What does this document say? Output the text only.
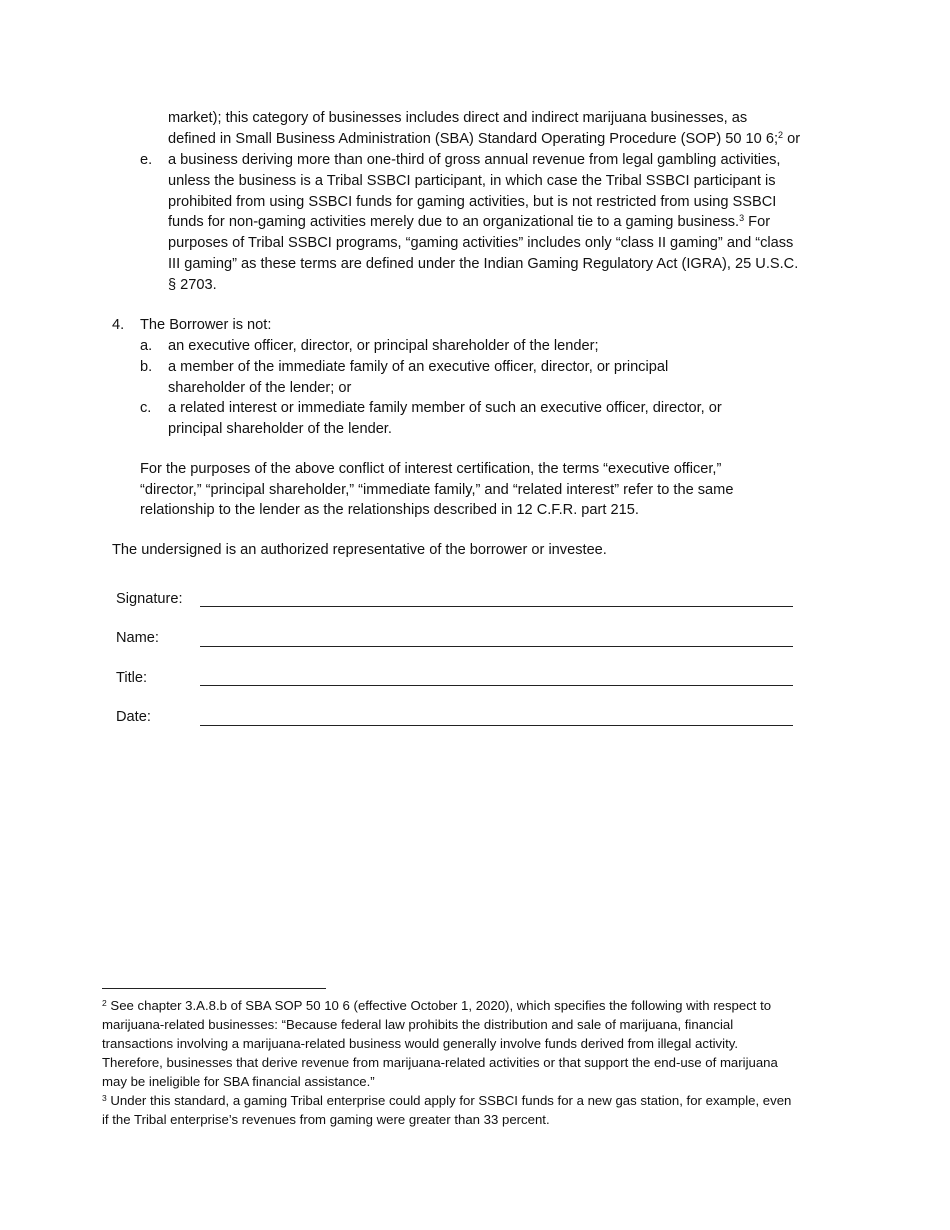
market); this category of businesses includes direct and indirect marijuana businesses, as
defined in Small Business Administration (SBA) Standard Operating Procedure (SOP) 50 10 6;$^2$ or
e. a business deriving more than one-third of gross annual revenue from legal gambling activities,
unless the business is a Tribal SSBCI participant, in which case the Tribal SSBCI participant is
prohibited from using SSBCI funds for gaming activities, but is not restricted from using SSBCI
funds for non-gaming activities merely due to an organizational tie to a gaming business.$^3$ For
purposes of Tribal SSBCI programs, “gaming activities” includes only “class II gaming” and “class
III gaming” as these terms are defined under the Indian Gaming Regulatory Act (IGRA), 25 U.S.C.
§ 2703.
4. The Borrower is not:
a. an executive officer, director, or principal shareholder of the lender;
b. a member of the immediate family of an executive officer, director, or principal
shareholder of the lender; or
c. a related interest or immediate family member of such an executive officer, director, or
principal shareholder of the lender.
For the purposes of the above conflict of interest certification, the terms “executive officer,”
“director,” “principal shareholder,” “immediate family,” and “related interest” refer to the same
relationship to the lender as the relationships described in 12 C.F.R. part 215.
The undersigned is an authorized representative of the borrower or investee.
Signature:
Name:
Title:
Date:
$^2$ See chapter 3.A.8.b of SBA SOP 50 10 6 (effective October 1, 2020), which specifies the following with respect to
marijuana-related businesses: “Because federal law prohibits the distribution and sale of marijuana, financial
transactions involving a marijuana-related business would generally involve funds derived from illegal activity.
Therefore, businesses that derive revenue from marijuana-related activities or that support the end-use of marijuana
may be ineligible for SBA financial assistance.”
$^3$ Under this standard, a gaming Tribal enterprise could apply for SSBCI funds for a new gas station, for example, even
if the Tribal enterprise’s revenues from gaming were greater than 33 percent.
